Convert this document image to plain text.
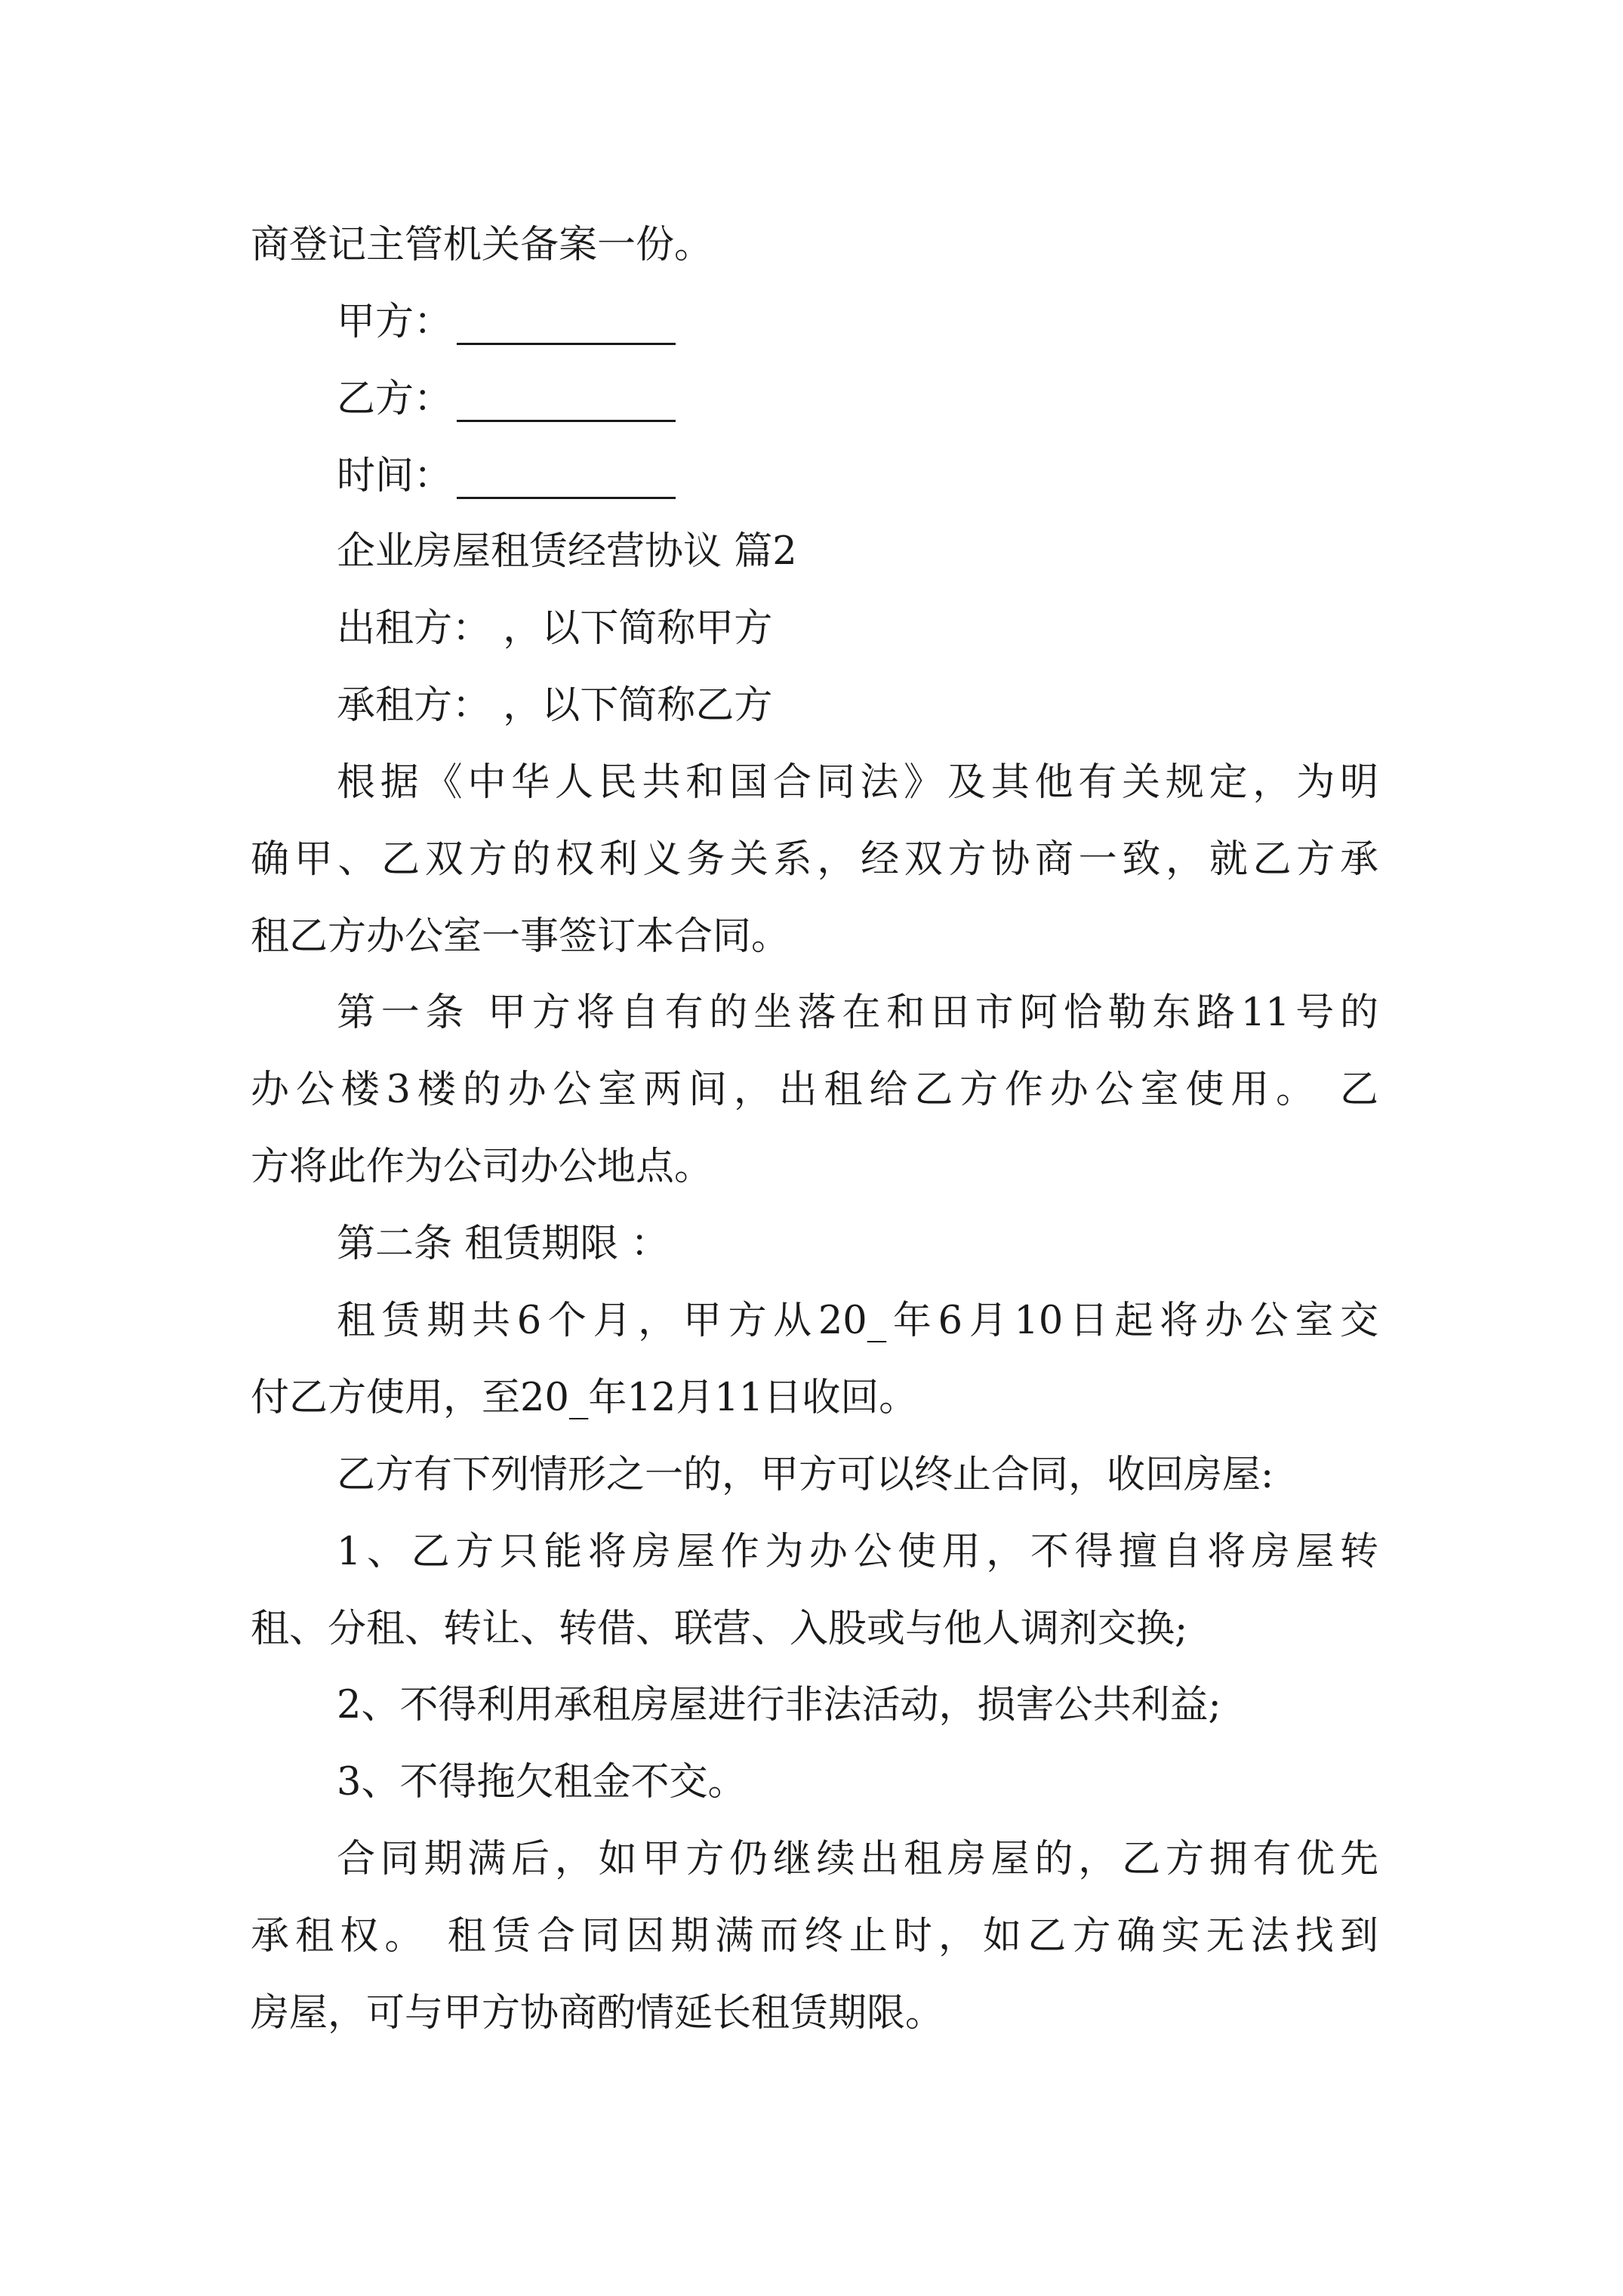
商登记主管机关备案一份。
甲方：
乙方：
时间：
企业房屋租赁经营协议 篇2
出租方： ，以下简称甲方
承租方： ，以下简称乙方
根据《中华人民共和国合同法》及其他有关规定，为明
确甲、乙双方的权利义务关系，经双方协商一致，就乙方承
租乙方办公室一事签订本合同。
第一条 甲方将自有的坐落在和田市阿恰勒东路11号的
办公楼3楼的办公室两间，出租给乙方作办公室使用。 乙
方将此作为公司办公地点。
第二条 租赁期限 ：
租赁期共6个月，甲方从20_年6月10日起将办公室交
付乙方使用，至20_年12月11日收回。
乙方有下列情形之一的，甲方可以终止合同，收回房屋:
1、乙方只能将房屋作为办公使用，不得擅自将房屋转
租、分租、转让、转借、联营、入股或与他人调剂交换;
2、不得利用承租房屋进行非法活动，损害公共利益;
3、不得拖欠租金不交。
合同期满后，如甲方仍继续出租房屋的，乙方拥有优先
承租权。 租赁合同因期满而终止时，如乙方确实无法找到
房屋，可与甲方协商酌情延长租赁期限。
